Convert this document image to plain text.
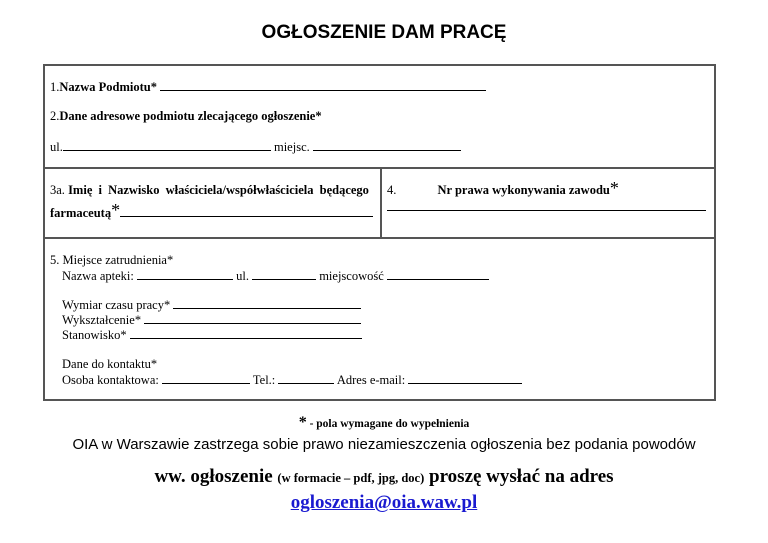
OGŁOSZENIE DAM PRACĘ
1.Nazwa Podmiotu*
2.Dane adresowe podmiotu zlecającego ogłoszenie*
ul.	miejsc.
3a. Imię i Nazwisko właściciela/współwłaściciela będącego
farmaceutą*
4.	Nr prawa wykonywania zawodu*
5. Miejsce zatrudnienia*
Nazwa apteki:	ul.	miejscowość
Wymiar czasu pracy*
Wykształcenie*
Stanowisko*
Dane do kontaktu*
Osoba kontaktowa:	Tel.:	Adres e-mail:
* - pola wymagane do wypełnienia
OIA w Warszawie zastrzega sobie prawo niezamieszczenia ogłoszenia bez podania powodów
ww. ogłoszenie (w formacie – pdf, jpg, doc) proszę wysłać na adres
ogloszenia@oia.waw.pl
